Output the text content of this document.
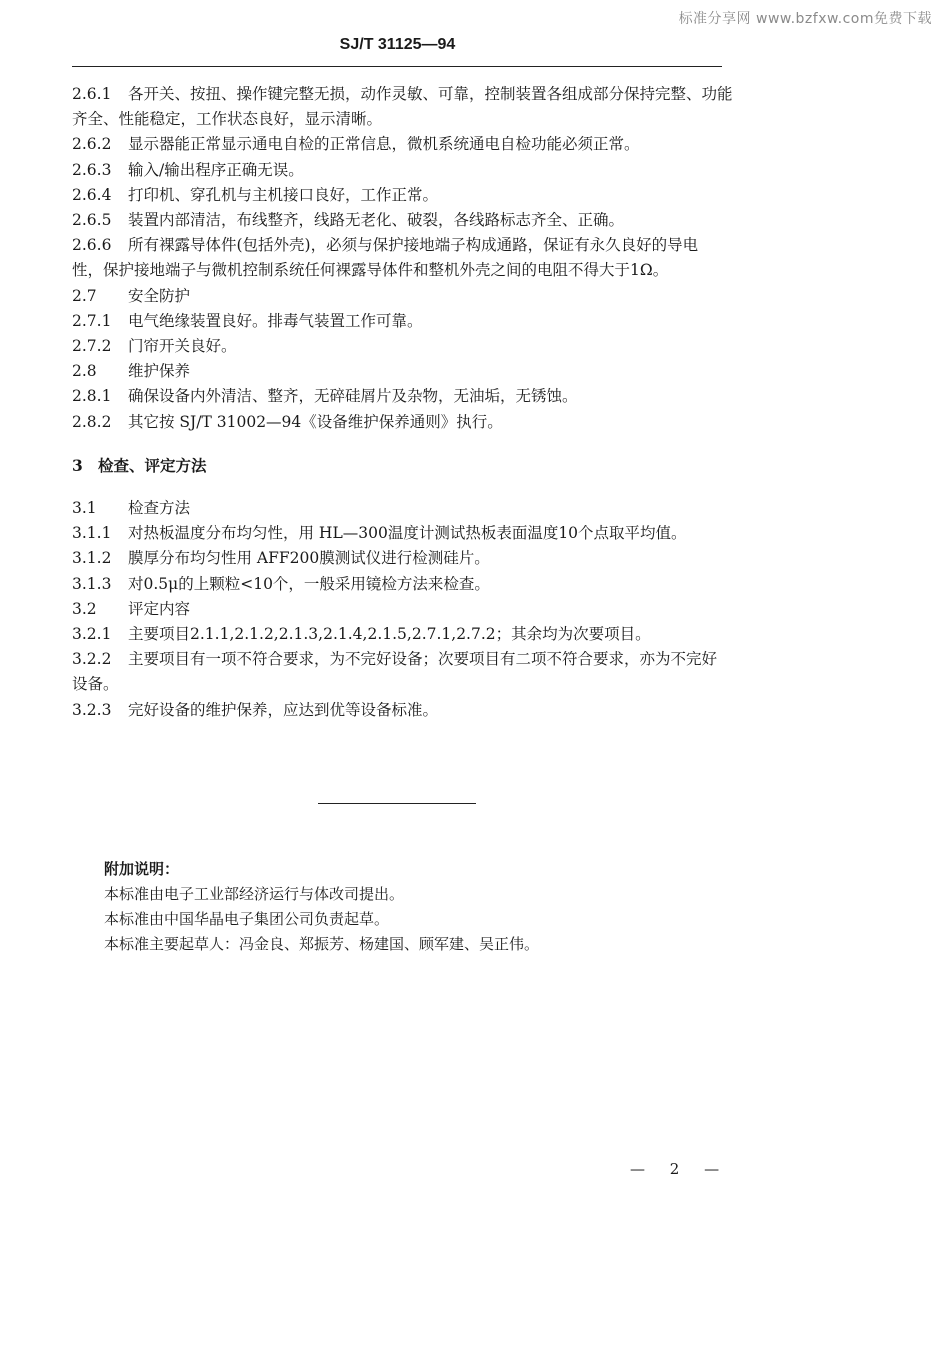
标准分享网 www.bzfxw.com免费下载
SJ/T 31125—94
2.6.1 各开关、按扭、操作键完整无损，动作灵敏、可靠，控制装置各组成部分保持完整、功能
齐全、性能稳定，工作状态良好，显示清晰。
2.6.2 显示器能正常显示通电自检的正常信息，微机系统通电自检功能必须正常。
2.6.3 输入/输出程序正确无误。
2.6.4 打印机、穿孔机与主机接口良好，工作正常。
2.6.5 装置内部清洁，布线整齐，线路无老化、破裂，各线路标志齐全、正确。
2.6.6 所有裸露导体件(包括外壳)，必须与保护接地端子构成通路，保证有永久良好的导电
性，保护接地端子与微机控制系统任何裸露导体件和整机外壳之间的电阻不得大于1Ω。
2.7 安全防护
2.7.1 电气绝缘装置良好。排毒气装置工作可靠。
2.7.2 门帘开关良好。
2.8 维护保养
2.8.1 确保设备内外清洁、整齐，无碎硅屑片及杂物，无油垢，无锈蚀。
2.8.2 其它按 SJ/T 31002—94《设备维护保养通则》执行。
3 检查、评定方法
3.1 检查方法
3.1.1 对热板温度分布均匀性，用 HL—300温度计测试热板表面温度10个点取平均值。
3.1.2 膜厚分布均匀性用 AFF200膜测试仪进行检测硅片。
3.1.3 对0.5μ的上颗粒<10个，一般采用镜检方法来检查。
3.2 评定内容
3.2.1 主要项目2.1.1,2.1.2,2.1.3,2.1.4,2.1.5,2.7.1,2.7.2；其余均为次要项目。
3.2.2 主要项目有一项不符合要求，为不完好设备；次要项目有二项不符合要求，亦为不完好
设备。
3.2.3 完好设备的维护保养，应达到优等设备标准。
附加说明：
本标准由电子工业部经济运行与体改司提出。
本标准由中国华晶电子集团公司负责起草。
本标准主要起草人：冯金良、郑振芳、杨建国、顾军建、吴正伟。
— 2 —
